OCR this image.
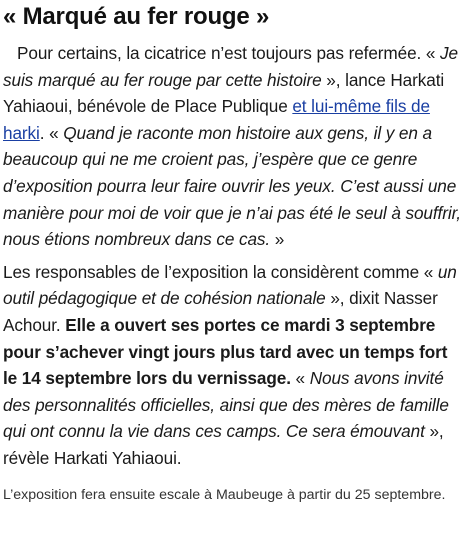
« Marqué au fer rouge »

Pour certains, la cicatrice n’est toujours pas refermée. « Je suis marqué au fer rouge par cette histoire », lance Harkati Yahiaoui, bénévole de Place Publique et lui-même fils de harki. « Quand je raconte mon histoire aux gens, il y en a beaucoup qui ne me croient pas, j’espère que ce genre d’exposition pourra leur faire ouvrir les yeux. C’est aussi une manière pour moi de voir que je n’ai pas été le seul à souffrir, nous étions nombreux dans ce cas. »

Les responsables de l’exposition la considèrent comme « un outil pédagogique et de cohésion nationale », dixit Nasser Achour. Elle a ouvert ses portes ce mardi 3 septembre pour s’achever vingt jours plus tard avec un temps fort le 14 septembre lors du vernissage. « Nous avons invité des personnalités officielles, ainsi que des mères de famille qui ont connu la vie dans ces camps. Ce sera émouvant », révèle Harkati Yahiaoui.

L’exposition fera ensuite escale à Maubeuge à partir du 25 septembre.
